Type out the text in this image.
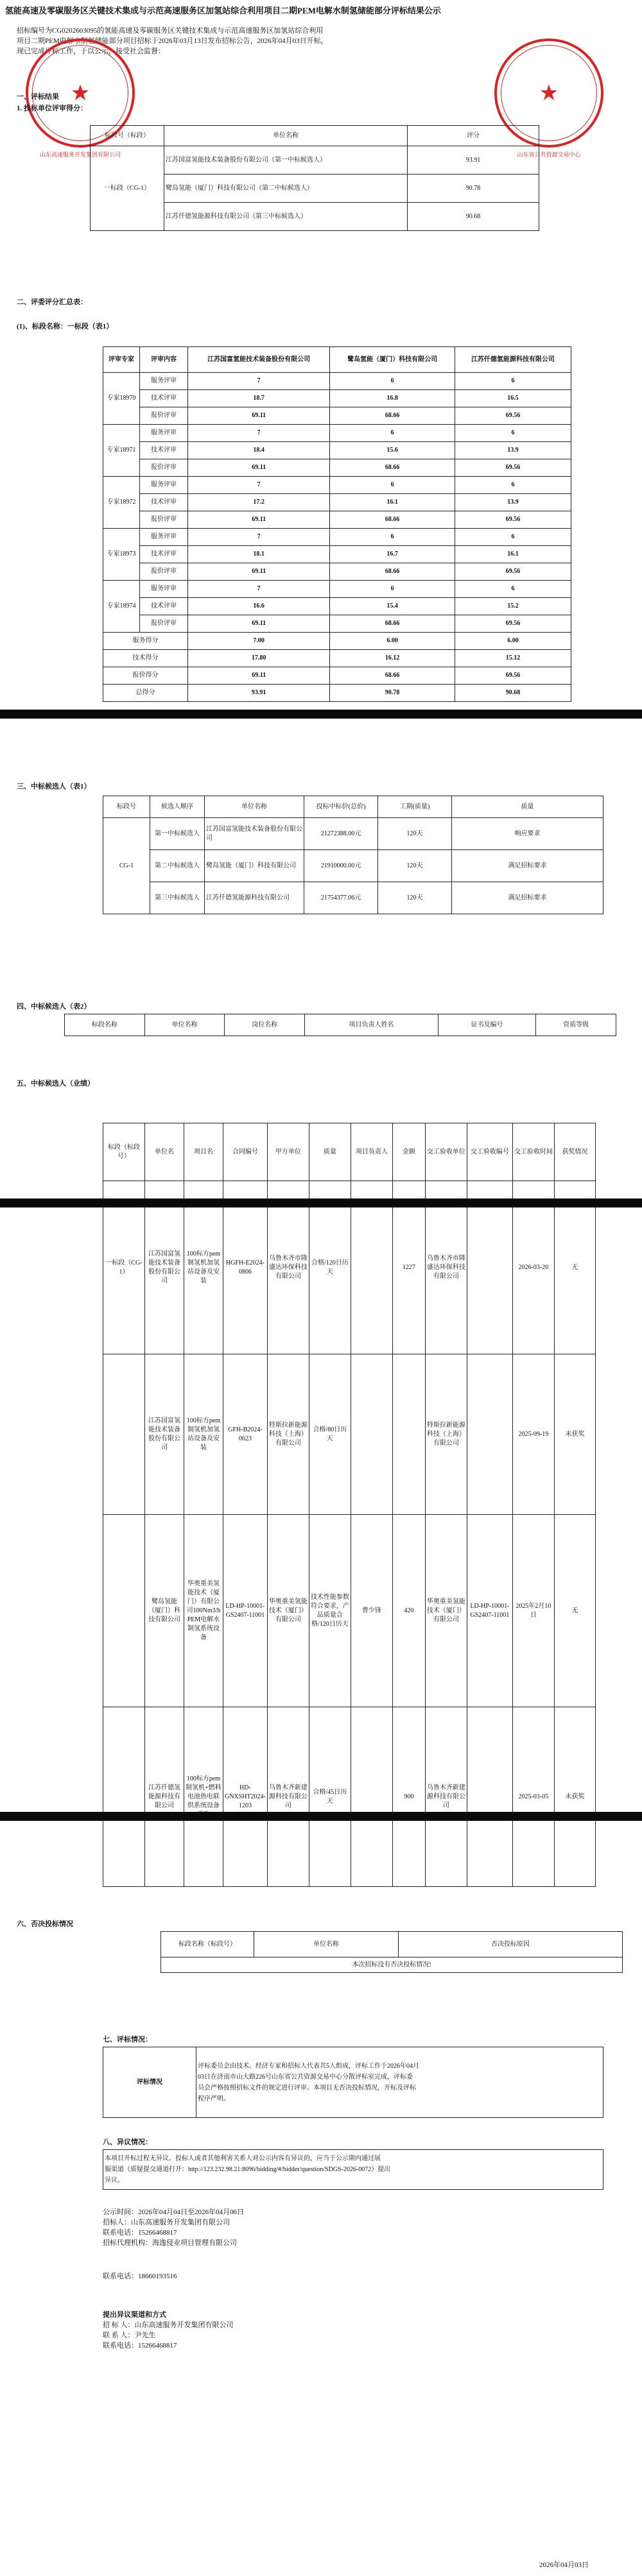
氢能高速及零碳服务区关键技术集成与示范高速服务区加氢站综合利用项目二期PEM电解水制氢储能部分评标结果公示
招标编号为CG0202603095的氢能高速及零碳服务区关键技术集成与示范高速服务区加氢站综合利用
项目二期PEM电解水制氢储能部分项目招标于2026年03月13日发布招标公告，2026年04月03日开标，
现已完成评标工作，于以公示，接受社会监督：
★
山东高速服务开发集团有限公司
★
山东省公共资源交易中心
一、评标结果
1. 投标单位评审得分：
标段号（标段）	单位名称	评分
一标段（CG-1）	江苏国富氢能技术装备股份有限公司（第一中标候选人）	93.91
	鹭岛氢能（厦门）科技有限公司（第二中标候选人）	90.78
	江苏仟德氢能源科技有限公司（第三中标候选人）	90.68
二、评委评分汇总表：
(1)、标段名称：一标段（表1）
评审专家	评审内容	江苏国富氢能技术装备股份有限公司	鹭岛氢能（厦门）科技有限公司	江苏仟德氢能源科技有限公司
专家18970	服务评审	7	6	6
	技术评审	18.7	16.8	16.5
	报价评审	69.11	68.66	69.56
专家18971	服务评审	7	6	6
	技术评审	18.4	15.6	13.9
	报价评审	69.11	68.66	69.56
专家18972	服务评审	7	6	6
	技术评审	17.2	16.1	13.9
	报价评审	69.11	68.66	69.56
专家18973	服务评审	7	6	6
	技术评审	18.1	16.7	16.1
	报价评审	69.11	68.66	69.56
专家18974	服务评审	7	6	6
	技术评审	16.6	15.4	15.2
	报价评审	69.11	68.66	69.56
服务得分		7.00	6.00	6.00
技术得分		17.80	16.12	15.12
报价得分		69.11	68.66	69.56
总得分		93.91	90.78	90.68
三、中标候选人（表1）
标段号	候选人顺序	单位名称	投标中标价(总价)	工期(质量)	质量
CG-1	第一中标候选人	江苏国富氢能技术装备股份有限公司	21272388.00元	120天	响应要求
	第二中标候选人	鹭岛氢能（厦门）科技有限公司	21910000.00元	120天	满足招标要求
	第三中标候选人	江苏仟德氢能源科技有限公司	21754377.06元	120天	满足招标要求
四、中标候选人（表2）
标段名称	单位名称	岗位名称	项目负责人姓名	证书及编号	资质等级
五、中标候选人（业绩）
标段（标段号）	单位名	项目名	合同编号	甲方单位	质量	项目负责人	金额	交工验收单位	交工验收编号	交工验收时间	获奖情况
一标段（CG-1）	江苏国富氢能技术装备股份有限公司	100标方pem制氢机加氢站设备及安装	HGFH-E2024-0806	乌鲁木齐市隆盛达环保科技有限公司	合格/120日历天		1227	乌鲁木齐市隆盛达环保科技有限公司		2026-03-20	无
	江苏国富氢能技术装备股份有限公司	100标方pem制氢机加氢站设备及安装	GFH-B2024-0623	特斯拉新能源科技（上海）有限公司	合格/80日历天			特斯拉新能源科技（上海）有限公司		2025-09-19	未获奖
	鹭岛氢能（厦门）科技有限公司	华奥重美氢能技术（厦门）有限公司100Nm3/h PEM电解水制氢系统设备	LD-HP-10001-GS2407-11001	华奥重美氢能技术（厦门）有限公司	技术性能参数符合要求，产品质量合格/120日历天	曹少锋	420	华奥重美氢能技术（厦门）有限公司	LD-HP-10001-GS2407-11001	2025年2月10日	无
	江苏仟德氢能源科技有限公司	100标方pem制氢机+燃料电池热电联供系统设备	HD-GNXSHT2024-1203	乌鲁木齐新建源科技有限公司	合格/45日历天		900	乌鲁木齐新建源科技有限公司		2025-03-05	未获奖
六、否决投标情况
标段名称（标段号）	单位名称	否决投标原因
本次招标没有否决投标情况!
七、评标情况：
评标情况	
评标委员会由技术、经济专家和招标人代表共5人组成，评标工作于2026年04月
03日在济南市山大路226号山东省公共资源交易中心分散评标室完成，评标委
员会严格按照招标文件的规定进行评审。本项目无否决投标情况，开标及评标
程序严明。
八、异议情况：
本项目开标过程无异议。投标人或者其他利害关系人对公示内容有异议的，应当于公示期内通过展
服渠道（质疑提交通道打开：http://123.232.98.21:8096/bidding/#/bidder/question/SDGS-2026-0072）提出
异议。
公示时间：2026年04月04日至2026年04月06日
招标人：山东高速服务开发集团有限公司
联系电话：15266468817
招标代理机构：海逸侵业项目管理有限公司
联系电话：18660193516
提出异议渠道和方式
招 标 人：山东高速服务开发集团有限公司
联 系 人：尹先生
联系电话：15266468817
2026年04月03日
